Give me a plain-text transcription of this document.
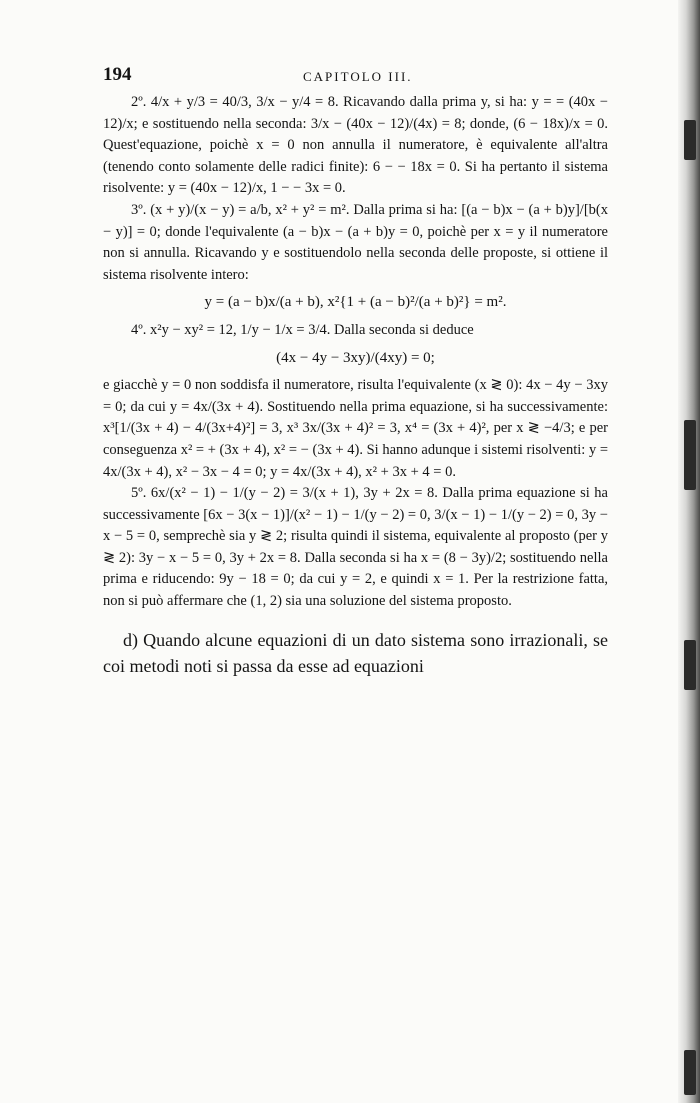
194	CAPITOLO III.

2º. 4/x + y/3 = 40/3, 3/x − y/4 = 8. Ricavando dalla prima y, si ha: y = = (40x − 12)/x; e sostituendo nella seconda: 3/x − (40x − 12)/(4x) = 8; donde, (6 − 18x)/x = 0. Quest'equazione, poichè x = 0 non annulla il numeratore, è equivalente all'altra (tenendo conto solamente delle radici finite): 6 − − 18x = 0. Si ha pertanto il sistema risolvente: y = (40x − 12)/x, 1 − − 3x = 0.

3º. (x + y)/(x − y) = a/b, x² + y² = m². Dalla prima si ha: [(a − b)x − (a + b)y]/[b(x − y)] = 0; donde l'equivalente (a − b)x − (a + b)y = 0, poichè per x = y il numeratore non si annulla. Ricavando y e sostituendolo nella seconda delle proposte, si ottiene il sistema risolvente intero:

y = (a − b)x/(a + b), x²{1 + (a − b)²/(a + b)²} = m².

4º. x²y − xy² = 12, 1/y − 1/x = 3/4. Dalla seconda si deduce

(4x − 4y − 3xy)/(4xy) = 0;

e giacchè y = 0 non soddisfa il numeratore, risulta l'equivalente (x ≷ 0): 4x − 4y − 3xy = 0; da cui y = 4x/(3x + 4). Sostituendo nella prima equazione, si ha successivamente: x³[1/(3x + 4) − 4/(3x+4)²] = 3, x³ 3x/(3x + 4)² = 3, x⁴ = (3x + 4)², per x ≷ −4/3; e per conseguenza x² = + (3x + 4), x² = − (3x + 4). Si hanno adunque i sistemi risolventi: y = 4x/(3x + 4), x² − 3x − 4 = 0; y = 4x/(3x + 4), x² + 3x + 4 = 0.

5º. 6x/(x² − 1) − 1/(y − 2) = 3/(x + 1), 3y + 2x = 8. Dalla prima equazione si ha successivamente [6x − 3(x − 1)]/(x² − 1) − 1/(y − 2) = 0, 3/(x − 1) − 1/(y − 2) = 0, 3y − x − 5 = 0, semprechè sia y ≷ 2; risulta quindi il sistema, equivalente al proposto (per y ≷ 2): 3y − x − 5 = 0, 3y + 2x = 8. Dalla seconda si ha x = (8 − 3y)/2; sostituendo nella prima e riducendo: 9y − 18 = 0; da cui y = 2, e quindi x = 1. Per la restrizione fatta, non si può affermare che (1, 2) sia una soluzione del sistema proposto.

d) Quando alcune equazioni di un dato sistema sono irrazionali, se coi metodi noti si passa da esse ad equazioni
